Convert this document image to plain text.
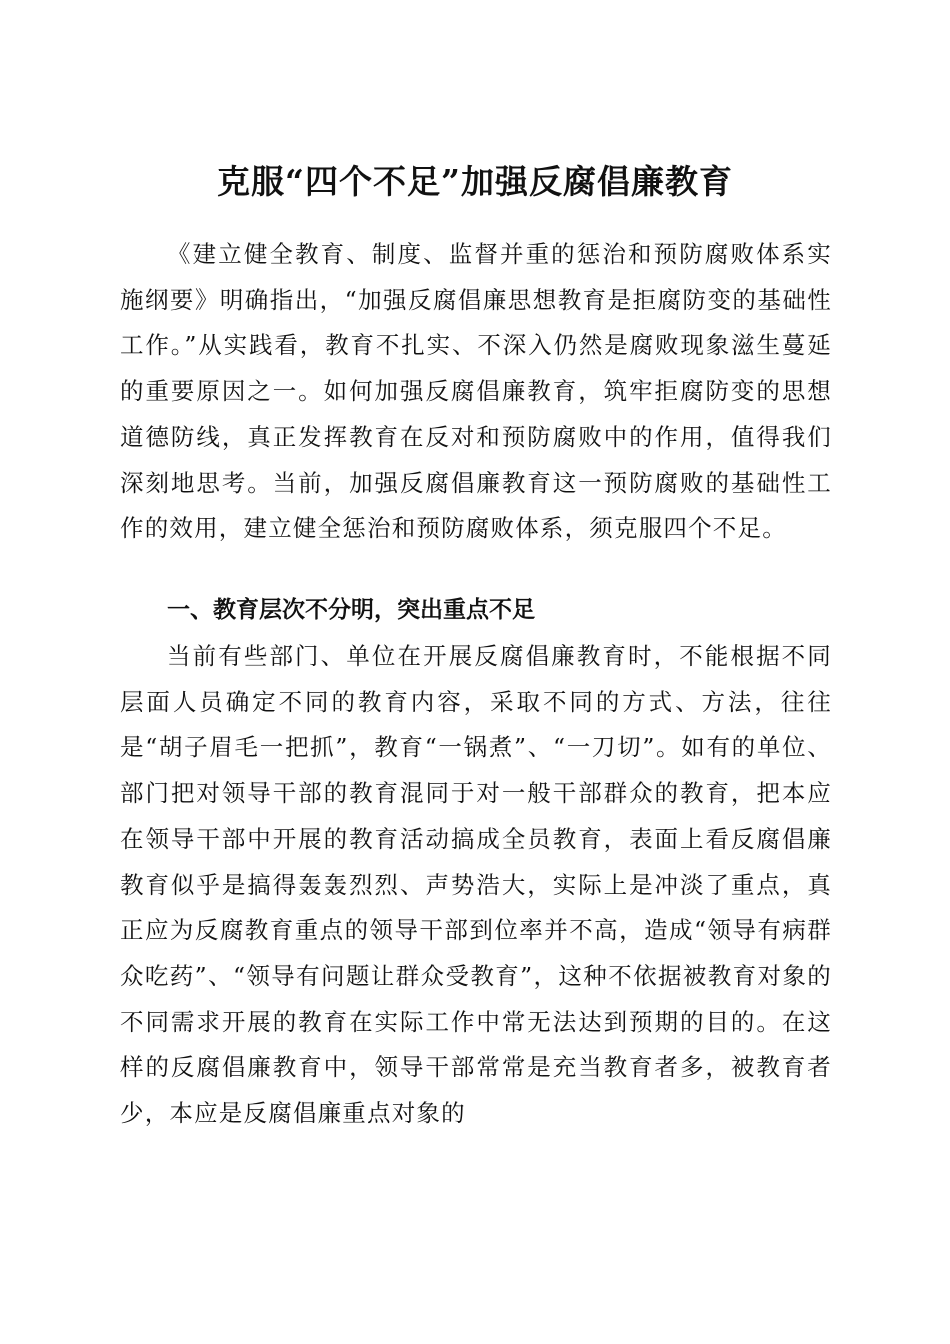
克服“四个不足”加强反腐倡廉教育

《建立健全教育、制度、监督并重的惩治和预防腐败体系实施纲要》明确指出，“加强反腐倡廉思想教育是拒腐防变的基础性工作。”从实践看，教育不扎实、不深入仍然是腐败现象滋生蔓延的重要原因之一。如何加强反腐倡廉教育，筑牢拒腐防变的思想道德防线，真正发挥教育在反对和预防腐败中的作用，值得我们深刻地思考。当前，加强反腐倡廉教育这一预防腐败的基础性工作的效用，建立健全惩治和预防腐败体系，须克服四个不足。

一、教育层次不分明，突出重点不足

当前有些部门、单位在开展反腐倡廉教育时，不能根据不同层面人员确定不同的教育内容，采取不同的方式、方法，往往是“胡子眉毛一把抓”，教育“一锅煮”、“一刀切”。如有的单位、部门把对领导干部的教育混同于对一般干部群众的教育，把本应在领导干部中开展的教育活动搞成全员教育，表面上看反腐倡廉教育似乎是搞得轰轰烈烈、声势浩大，实际上是冲淡了重点，真正应为反腐教育重点的领导干部到位率并不高，造成“领导有病群众吃药”、“领导有问题让群众受教育”，这种不依据被教育对象的不同需求开展的教育在实际工作中常无法达到预期的目的。在这样的反腐倡廉教育中，领导干部常常是充当教育者多，被教育者少，本应是反腐倡廉重点对象的
